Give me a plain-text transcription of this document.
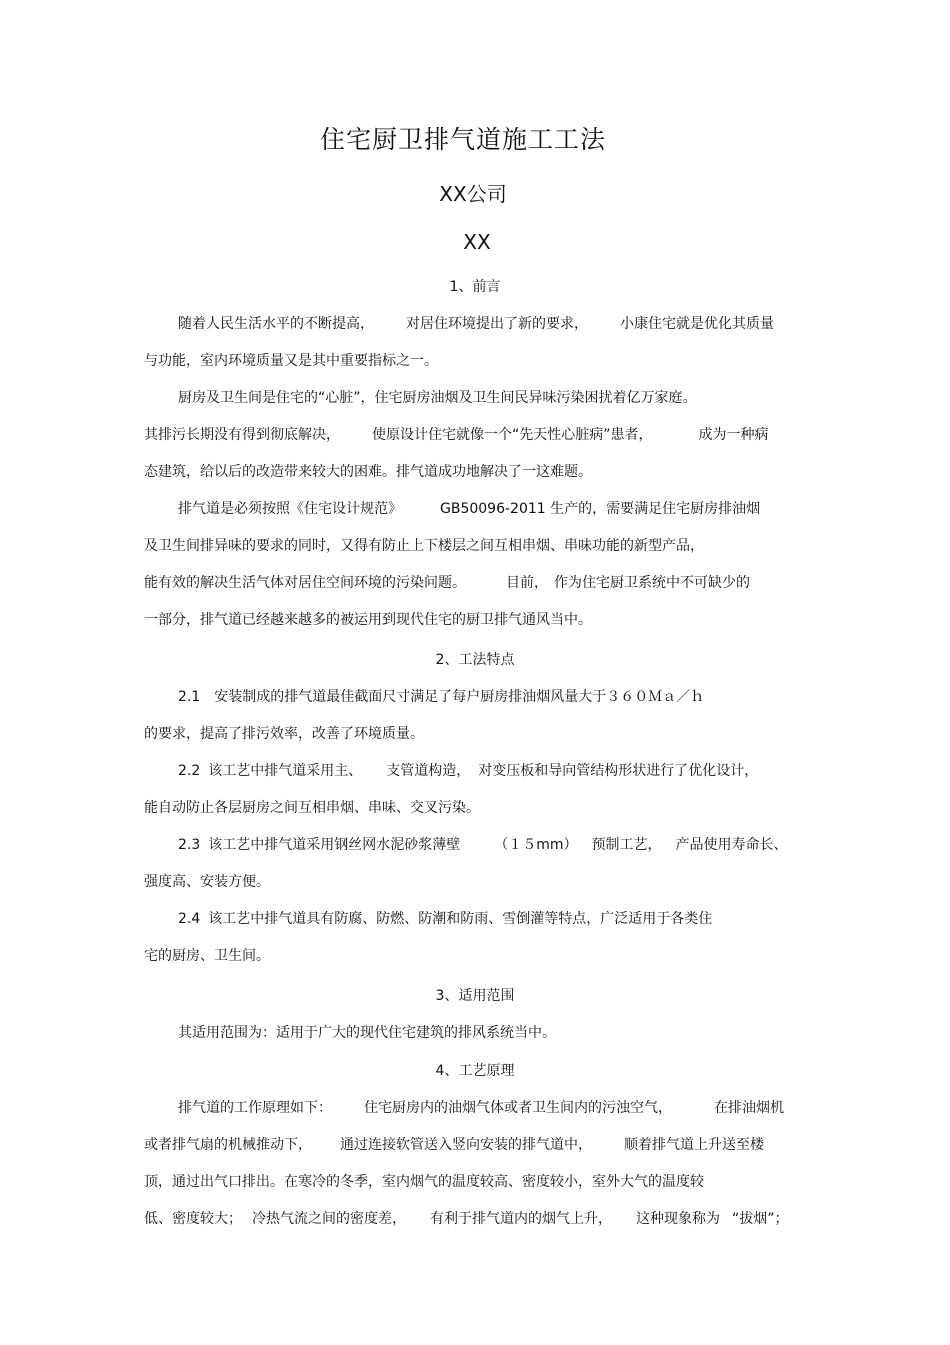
住宅厨卫排气道施工工法
XX公司
XX
1、前言
随着人民生活水平的不断提高， 对居住环境提出了新的要求， 小康住宅就是优化其质量
与功能，室内环境质量又是其中重要指标之一。
厨房及卫生间是住宅的“心脏”，住宅厨房油烟及卫生间民异味污染困扰着亿万家庭。
其排污长期没有得到彻底解决， 使原设计住宅就像一个“先天性心脏病”患者，	成为一种病
态建筑，给以后的改造带来较大的困难。排气道成功地解决了一这难题。
排气道是必须按照《住宅设计规范》	GB50096-2011 生产的，需要满足住宅厨房排油烟
及卫生间排异味的要求的同时，又得有防止上下楼层之间互相串烟、串味功能的新型产品，
能有效的解决生活气体对居住空间环境的污染问题。	目前， 作为住宅厨卫系统中不可缺少的
一部分，排气道已经越来越多的被运用到现代住宅的厨卫排气通风当中。
2、工法特点
2.1 安装制成的排气道最佳截面尺寸满足了每户厨房排油烟风量大于３６０Ｍａ／ｈ
的要求，提高了排污效率，改善了环境质量。
2.2 该工艺中排气道采用主、 支管道构造， 对变压板和导向管结构形状进行了优化设计，
能自动防止各层厨房之间互相串烟、串味、交叉污染。
2.3 该工艺中排气道采用钢丝网水泥砂浆薄壁 （１５mm） 预制工艺， 产品使用寿命长、
强度高、安装方便。
2.4 该工艺中排气道具有防腐、防燃、防潮和防雨、雪倒灌等特点，广泛适用于各类住
宅的厨房、卫生间。
3、适用范围
其适用范围为：适用于广大的现代住宅建筑的排风系统当中。
4、工艺原理
排气道的工作原理如下： 住宅厨房内的油烟气体或者卫生间内的污浊空气，	在排油烟机
或者排气扇的机械推动下， 通过连接软管送入竖向安装的排气道中， 顺着排气道上升送至楼
顶，通过出气口排出。在寒冷的冬季，室内烟气的温度较高、密度较小，室外大气的温度较
低、密度较大； 冷热气流之间的密度差， 有利于排气道内的烟气上升， 这种现象称为 “拔烟”；
